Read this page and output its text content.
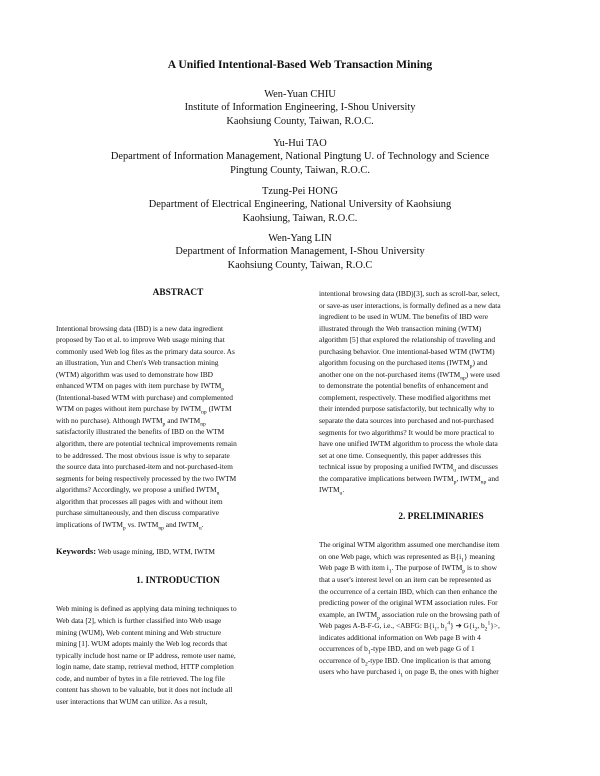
A Unified Intentional-Based Web Transaction Mining
Wen-Yuan CHIU
Institute of Information Engineering, I-Shou University
Kaohsiung County, Taiwan, R.O.C.
Yu-Hui TAO
Department of Information Management, National Pingtung U. of Technology and Science
Pingtung County, Taiwan, R.O.C.
Tzung-Pei HONG
Department of Electrical Engineering, National University of Kaohsiung
Kaohsiung, Taiwan, R.O.C.
Wen-Yang LIN
Department of Information Management, I-Shou University
Kaohsiung County, Taiwan, R.O.C
ABSTRACT
Intentional browsing data (IBD) is a new data ingredient
proposed by Tao et al. to improve Web usage mining that
commonly used Web log files as the primary data source. As
an illustration, Yun and Chen's Web transaction mining
(WTM) algorithm was used to demonstrate how IBD
enhanced WTM on pages with item purchase by $IWTM_p$
(Intentional-based WTM with purchase) and complemented
WTM on pages without item purchase by $IWTM_{np}$ (IWTM
with no purchase). Although $IWTM_p$ and $IWTM_{np}$
satisfactorily illustrated the benefits of IBD on the WTM
algorithm, there are potential technical improvements remain
to be addressed. The most obvious issue is why to separate
the source data into purchased-item and not-purchased-item
segments for being respectively processed by the two IWTM
algorithms? Accordingly, we propose a unified $IWTM_u$
algorithm that processes all pages with and without item
purchase simultaneously, and then discuss comparative
implications of $IWTM_p$ vs. $IWTM_{np}$ and $IWTM_u$.
Keywords: Web usage mining, IBD, WTM, IWTM
1. INTRODUCTION
Web mining is defined as applying data mining techniques to
Web data [2], which is further classified into Web usage
mining (WUM), Web content mining and Web structure
mining [1]. WUM adopts mainly the Web log records that
typically include host name or IP address, remote user name,
login name, date stamp, retrieval method, HTTP completion
code, and number of bytes in a file retrieved. The log file
content has shown to be valuable, but it does not include all
user interactions that WUM can utilize. As a result,
intentional browsing data (IBD)[3], such as scroll-bar, select,
or save-as user interactions, is formally defined as a new data
ingredient to be used in WUM. The benefits of IBD were
illustrated through the Web transaction mining (WTM)
algorithm [5] that explored the relationship of traveling and
purchasing behavior. One intentional-based WTM (IWTM)
algorithm focusing on the purchased items $(IWTM_p)$ and
another one on the not-purchased items $(IWTM_{np})$ were used
to demonstrate the potential benefits of enhancement and
complement, respectively. These modified algorithms met
their intended purpose satisfactorily, but technically why to
separate the data sources into purchased and not-purchased
segments for two algorithms? It would be more practical to
have one unified IWTM algorithm to process the whole data
set at one time. Consequently, this paper addresses this
technical issue by proposing a unified $IWTM_u$ and discusses
the comparative implications between $IWTM_p$, $IWTM_{np}$ and
$IWTM_u$.
2. PRELIMINARIES
The original WTM algorithm assumed one merchandise item
on one Web page, which was represented as $B\{i_1\}$ meaning
Web page B with item $i_1$. The purpose of $IWTM_p$ is to show
that a user's interest level on an item can be represented as
the occurrence of a certain IBD, which can then enhance the
predicting power of the original WTM association rules. For
example, an $IWTM_p$ association rule on the browsing path of
Web pages A-B-F-G, i.e., <ABFG: $B\{i_1$, $b_1^4$} ➔ $G\{i_2$, $b_2^1\}>$,
indicates additional information on Web page B with 4
occurrences of $b_1$-type IBD, and on web page G of 1
occurrence of $b_2$-type IBD. One implication is that among
users who have purchased $i_1$ on page B, the ones with higher
